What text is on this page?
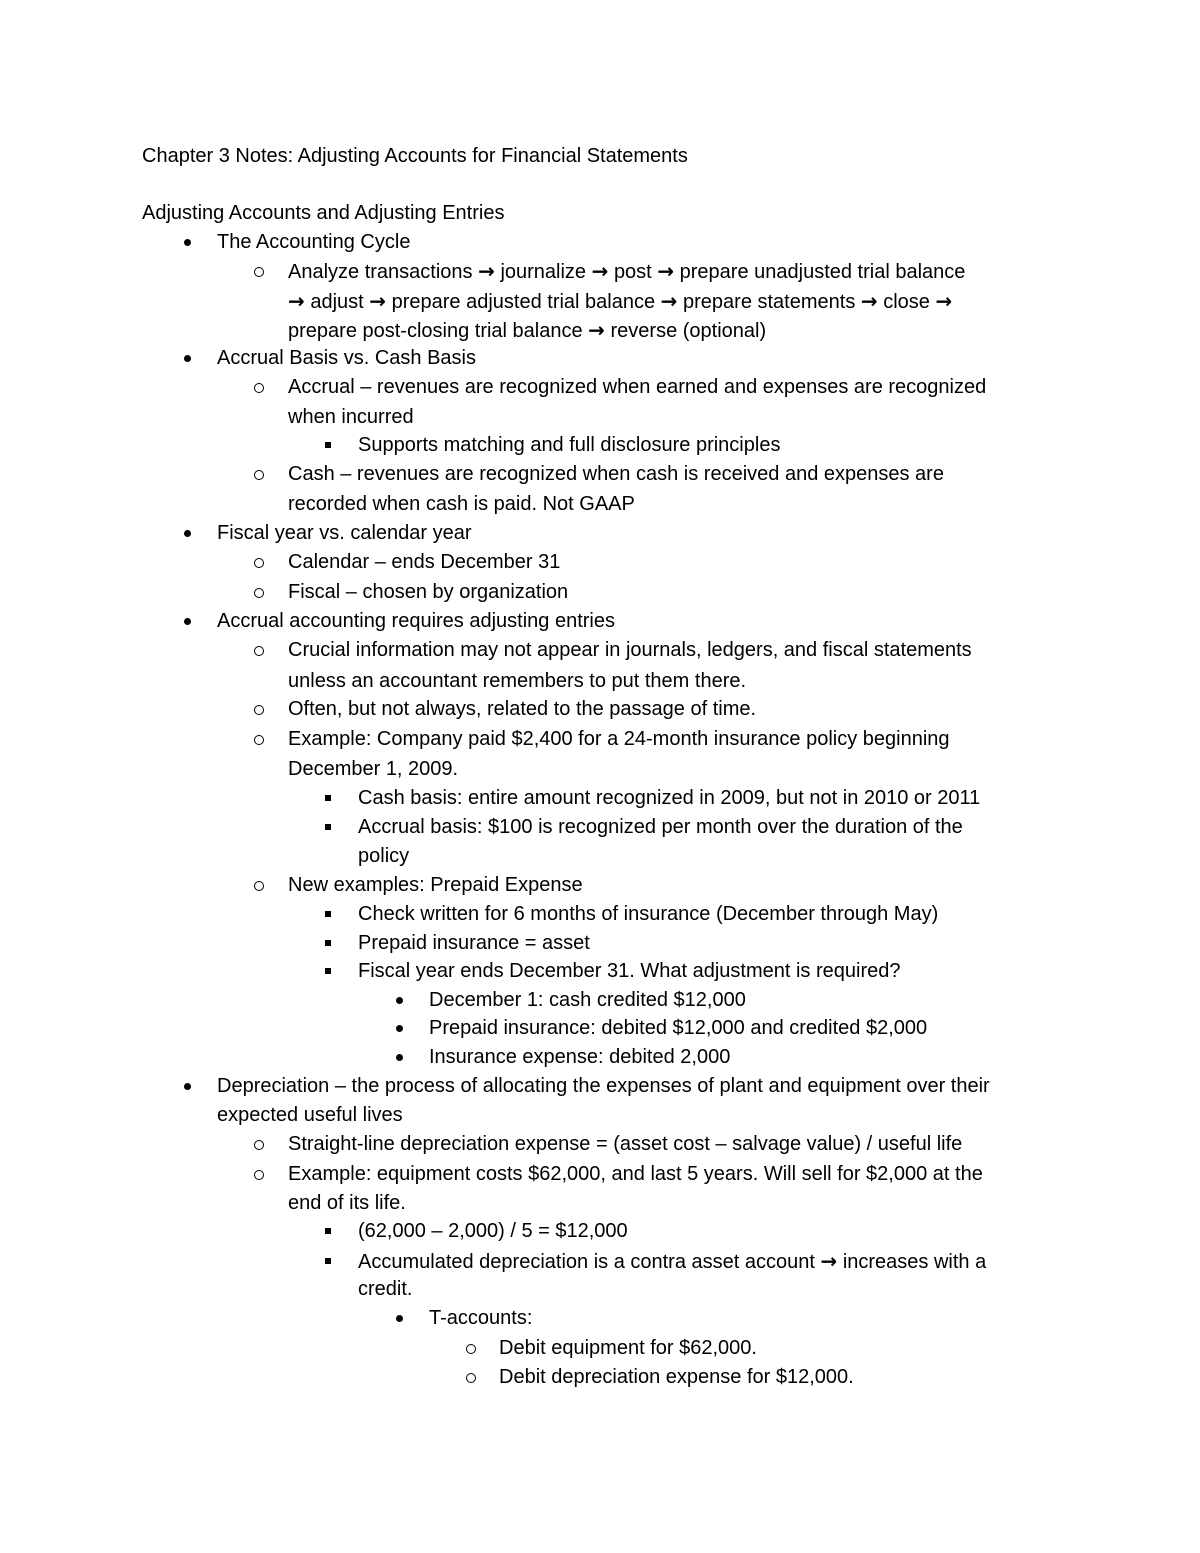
Chapter 3 Notes: Adjusting Accounts for Financial Statements
Adjusting Accounts and Adjusting Entries
The Accounting Cycle
Analyze transactions → journalize → post → prepare unadjusted trial balance
→ adjust → prepare adjusted trial balance → prepare statements → close →
prepare post-closing trial balance → reverse (optional)
Accrual Basis vs. Cash Basis
Accrual – revenues are recognized when earned and expenses are recognized
when incurred
Supports matching and full disclosure principles
Cash – revenues are recognized when cash is received and expenses are
recorded when cash is paid. Not GAAP
Fiscal year vs. calendar year
Calendar – ends December 31
Fiscal – chosen by organization
Accrual accounting requires adjusting entries
Crucial information may not appear in journals, ledgers, and fiscal statements
unless an accountant remembers to put them there.
Often, but not always, related to the passage of time.
Example: Company paid $2,400 for a 24-month insurance policy beginning
December 1, 2009.
Cash basis: entire amount recognized in 2009, but not in 2010 or 2011
Accrual basis: $100 is recognized per month over the duration of the
policy
New examples: Prepaid Expense
Check written for 6 months of insurance (December through May)
Prepaid insurance = asset
Fiscal year ends December 31. What adjustment is required?
December 1: cash credited $12,000
Prepaid insurance: debited $12,000 and credited $2,000
Insurance expense: debited 2,000
Depreciation – the process of allocating the expenses of plant and equipment over their
expected useful lives
Straight-line depreciation expense = (asset cost – salvage value) / useful life
Example: equipment costs $62,000, and last 5 years. Will sell for $2,000 at the
end of its life.
(62,000 – 2,000) / 5 = $12,000
Accumulated depreciation is a contra asset account → increases with a
credit.
T-accounts:
Debit equipment for $62,000.
Debit depreciation expense for $12,000.
